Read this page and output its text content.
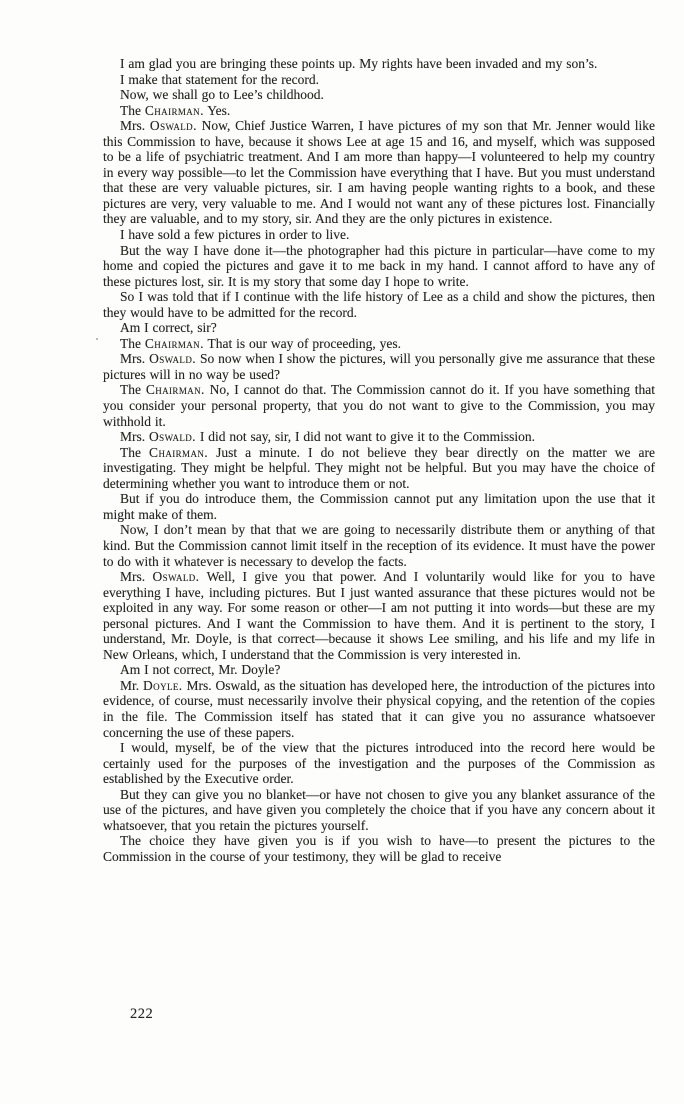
I am glad you are bringing these points up. My rights have been invaded and my son’s.

I make that statement for the record.

Now, we shall go to Lee’s childhood.

The Chairman. Yes.

Mrs. Oswald. Now, Chief Justice Warren, I have pictures of my son that Mr. Jenner would like this Commission to have, because it shows Lee at age 15 and 16, and myself, which was supposed to be a life of psychiatric treatment. And I am more than happy—I volunteered to help my country in every way possible—to let the Commission have everything that I have. But you must understand that these are very valuable pictures, sir. I am having people wanting rights to a book, and these pictures are very, very valuable to me. And I would not want any of these pictures lost. Financially they are valuable, and to my story, sir. And they are the only pictures in existence.

I have sold a few pictures in order to live.

But the way I have done it—the photographer had this picture in particular—have come to my home and copied the pictures and gave it to me back in my hand. I cannot afford to have any of these pictures lost, sir. It is my story that some day I hope to write.

So I was told that if I continue with the life history of Lee as a child and show the pictures, then they would have to be admitted for the record.

Am I correct, sir?

The Chairman. That is our way of proceeding, yes.

Mrs. Oswald. So now when I show the pictures, will you personally give me assurance that these pictures will in no way be used?

The Chairman. No, I cannot do that. The Commission cannot do it. If you have something that you consider your personal property, that you do not want to give to the Commission, you may withhold it.

Mrs. Oswald. I did not say, sir, I did not want to give it to the Commission.

The Chairman. Just a minute. I do not believe they bear directly on the matter we are investigating. They might be helpful. They might not be helpful. But you may have the choice of determining whether you want to introduce them or not.

But if you do introduce them, the Commission cannot put any limitation upon the use that it might make of them.

Now, I don’t mean by that that we are going to necessarily distribute them or anything of that kind. But the Commission cannot limit itself in the reception of its evidence. It must have the power to do with it whatever is necessary to develop the facts.

Mrs. Oswald. Well, I give you that power. And I voluntarily would like for you to have everything I have, including pictures. But I just wanted assurance that these pictures would not be exploited in any way. For some reason or other—I am not putting it into words—but these are my personal pictures. And I want the Commission to have them. And it is pertinent to the story, I understand, Mr. Doyle, is that correct—because it shows Lee smiling, and his life and my life in New Orleans, which, I understand that the Commission is very interested in.

Am I not correct, Mr. Doyle?

Mr. Doyle. Mrs. Oswald, as the situation has developed here, the introduction of the pictures into evidence, of course, must necessarily involve their physical copying, and the retention of the copies in the file. The Commission itself has stated that it can give you no assurance whatsoever concerning the use of these papers.

I would, myself, be of the view that the pictures introduced into the record here would be certainly used for the purposes of the investigation and the purposes of the Commission as established by the Executive order.

But they can give you no blanket—or have not chosen to give you any blanket assurance of the use of the pictures, and have given you completely the choice that if you have any concern about it whatsoever, that you retain the pictures yourself.

The choice they have given you is if you wish to have—to present the pictures to the Commission in the course of your testimony, they will be glad to receive

222
